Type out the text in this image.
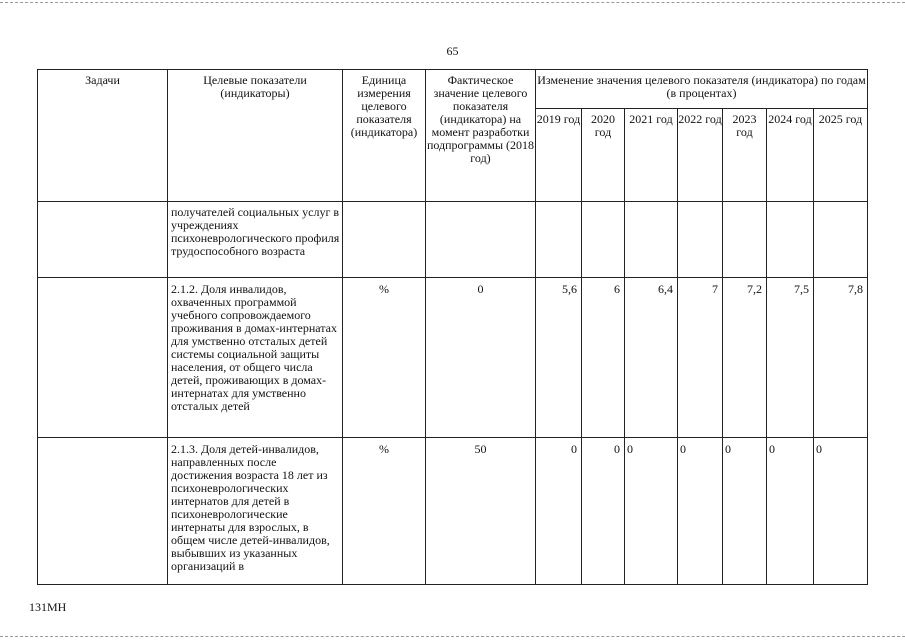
65
Задачи	Целевые показатели (индикаторы)	Единица измерения целевого показателя (индикатора)	Фактическое значение целевого показателя (индикатора) на момент разработки подпрограммы (2018 год)	Изменение значения целевого показателя (индикатора) по годам (в процентах)						
				2019 год	2020 год	2021 год	2022 год	2023 год	2024 год	2025 год
	получателей социальных услуг в учреждениях психоневрологического профиля трудоспособного возраста									
	2.1.2. Доля инвалидов, охваченных программой учебного сопровождаемого проживания в домах-интернатах для умственно отсталых детей системы социальной защиты населения, от общего числа детей, проживающих в домах-интернатах для умственно отсталых детей	%	0	5,6	6	6,4	7	7,2	7,5	7,8
	2.1.3. Доля детей-инвалидов, направленных после достижения возраста 18 лет из психоневрологических интернатов для детей в психоневрологические интернаты для взрослых, в общем числе детей-инвалидов, выбывших из указанных организаций в	%	50	0	0	0	0	0	0	0
131МН
